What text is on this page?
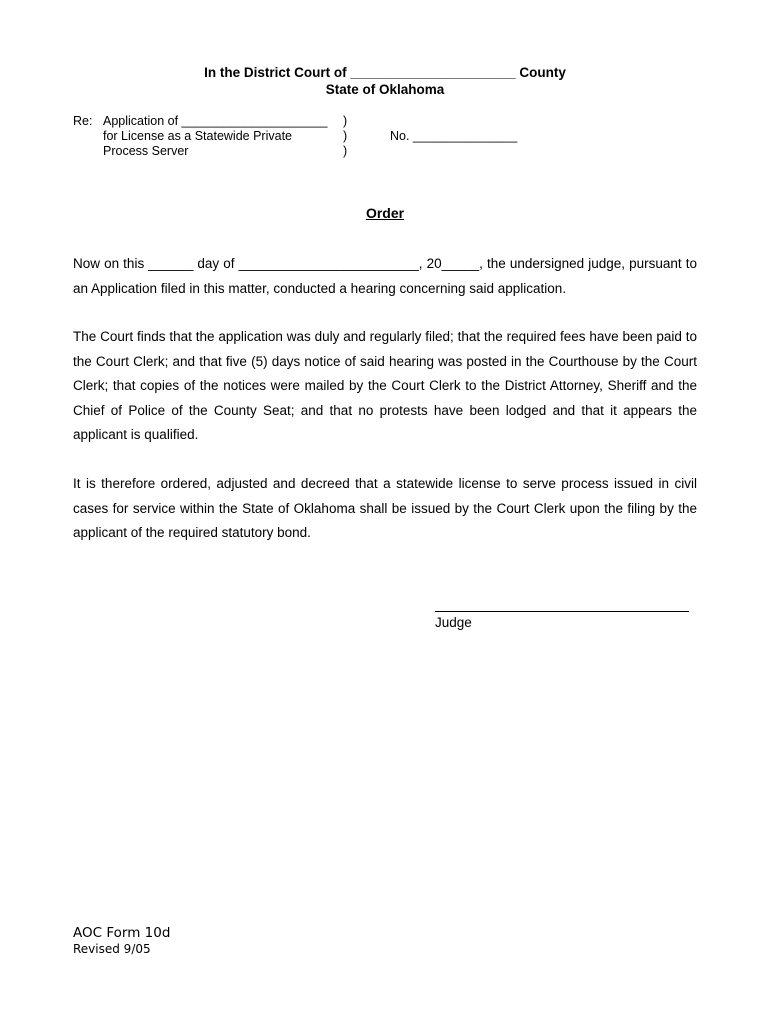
In the District Court of ______________________ County
State of Oklahoma
Re: Application of _____________________
for License as a Statewide Private
Process Server
)
)
)
No. _______________
Order
Now on this ______ day of ________________________, 20_____, the undersigned judge, pursuant to an Application filed in this matter, conducted a hearing concerning said application.
The Court finds that the application was duly and regularly filed; that the required fees have been paid to the Court Clerk; and that five (5) days notice of said hearing was posted in the Courthouse by the Court Clerk; that copies of the notices were mailed by the Court Clerk to the District Attorney, Sheriff and the Chief of Police of the County Seat; and that no protests have been lodged and that it appears the applicant is qualified.
It is therefore ordered, adjusted and decreed that a statewide license to serve process issued in civil cases for service within the State of Oklahoma shall be issued by the Court Clerk upon the filing by the applicant of the required statutory bond.
Judge
AOC Form 10d
Revised 9/05
